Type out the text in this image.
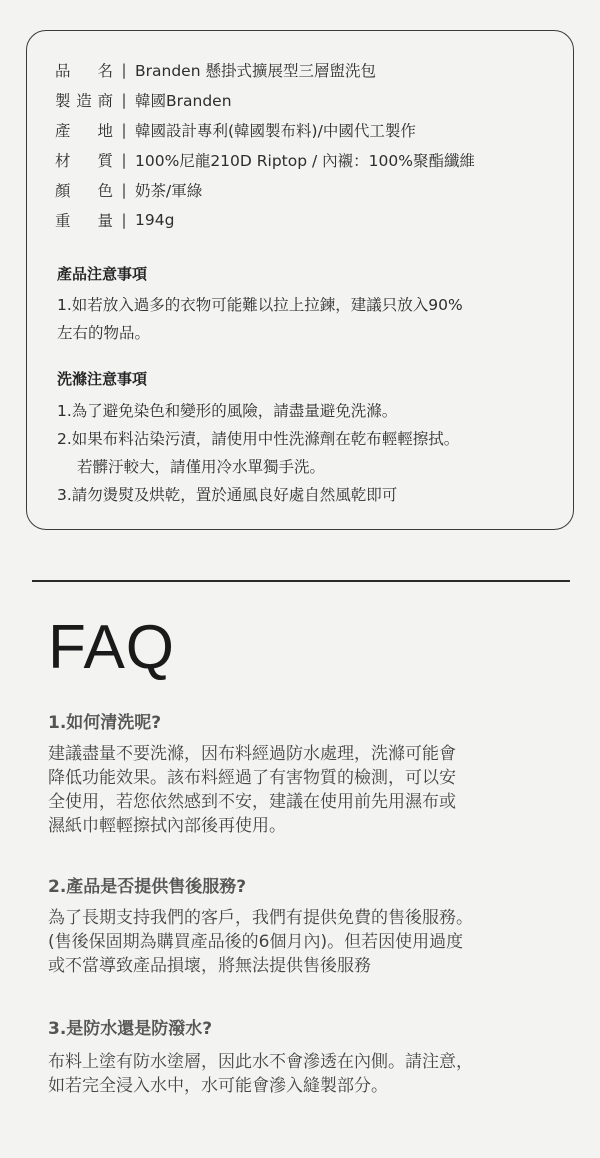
品名 | Branden 懸掛式擴展型三層盥洗包
製造商 | 韓國Branden
產地 | 韓國設計專利(韓國製布料)/中國代工製作
材質 | 100%尼龍210D Riptop / 內襯：100%聚酯纖維
顏色 | 奶茶/軍綠
重量 | 194g
產品注意事項
1.如若放入過多的衣物可能難以拉上拉鍊，建議只放入90%
左右的物品。
洗滌注意事項
1.為了避免染色和變形的風險，請盡量避免洗滌。
2.如果布料沾染污漬，請使用中性洗滌劑在乾布輕輕擦拭。
若髒汙較大，請僅用冷水單獨手洗。
3.請勿燙熨及烘乾，置於通風良好處自然風乾即可
FAQ
1.如何清洗呢?
建議盡量不要洗滌，因布料經過防水處理，洗滌可能會
降低功能效果。該布料經過了有害物質的檢測，可以安
全使用，若您依然感到不安，建議在使用前先用濕布或
濕紙巾輕輕擦拭內部後再使用。
2.產品是否提供售後服務?
為了長期支持我們的客戶，我們有提供免費的售後服務。
(售後保固期為購買產品後的6個月內)。但若因使用過度
或不當導致產品損壞，將無法提供售後服務
3.是防水還是防潑水?
布料上塗有防水塗層，因此水不會滲透在內側。請注意，
如若完全浸入水中，水可能會滲入縫製部分。
